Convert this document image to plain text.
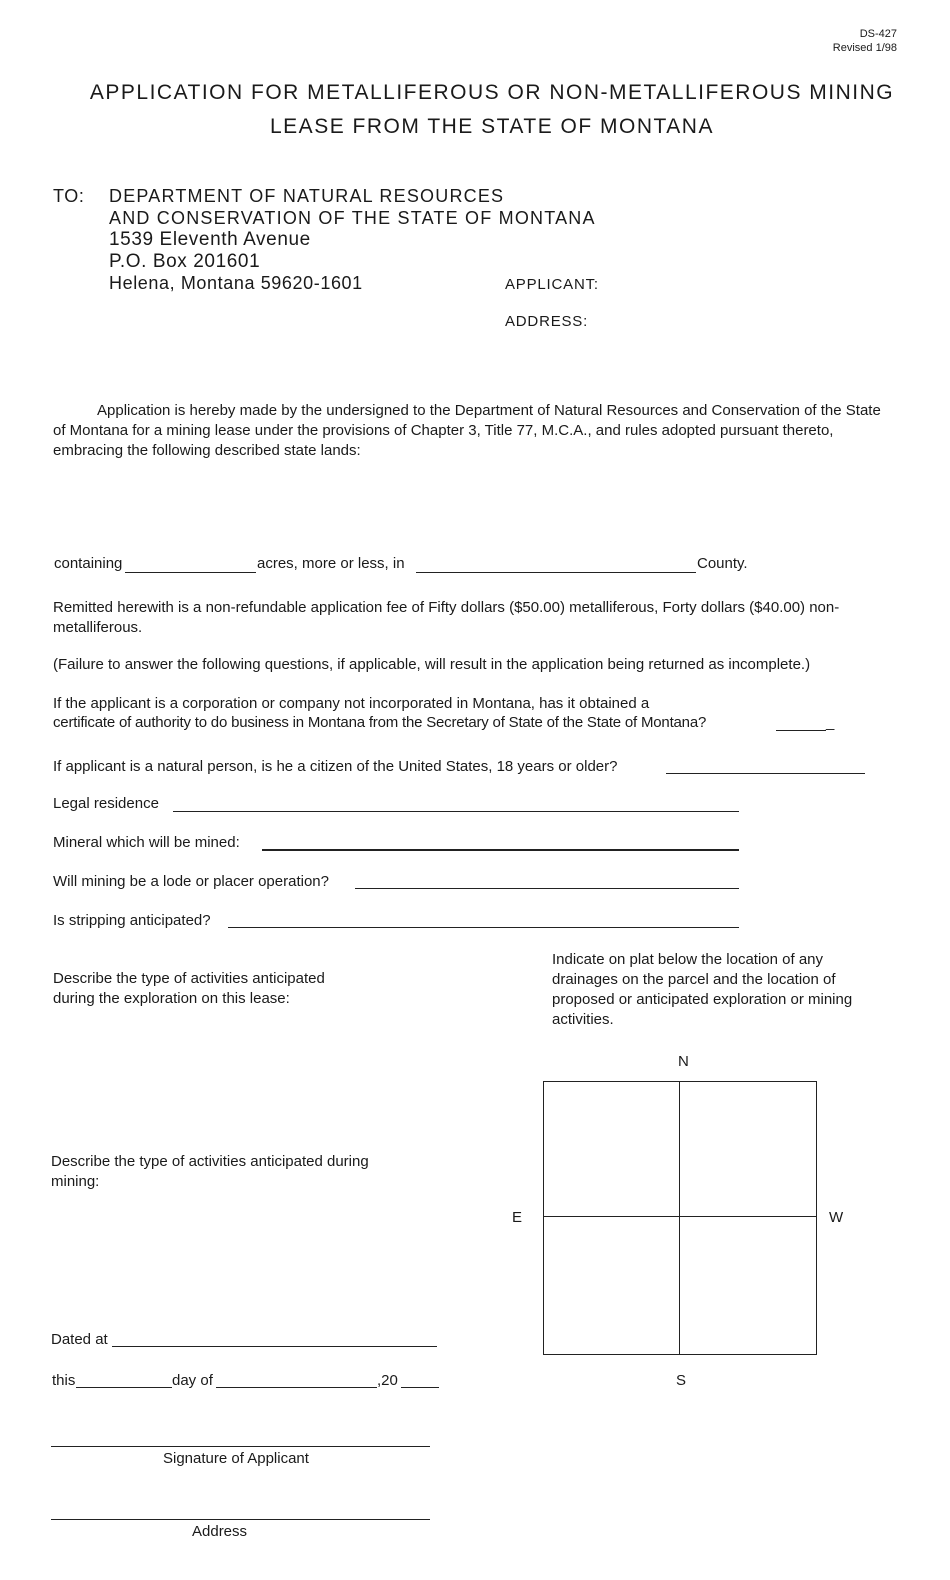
DS-427
Revised 1/98
APPLICATION FOR METALLIFEROUS OR NON-METALLIFEROUS MINING
LEASE FROM THE STATE OF MONTANA
TO: DEPARTMENT OF NATURAL RESOURCES
AND CONSERVATION OF THE STATE OF MONTANA
1539 Eleventh Avenue
P.O. Box 201601
Helena, Montana 59620-1601	APPLICANT:
ADDRESS:
Application is hereby made by the undersigned to the Department of Natural Resources and Conservation of the State of Montana for a mining lease under the provisions of Chapter 3, Title 77, M.C.A., and rules adopted pursuant thereto, embracing the following described state lands:
containing	acres, more or less, in	County.
Remitted herewith is a non-refundable application fee of Fifty dollars ($50.00) metalliferous, Forty dollars ($40.00) non-metalliferous.
(Failure to answer the following questions, if applicable, will result in the application being returned as incomplete.)
If the applicant is a corporation or company not incorporated in Montana, has it obtained a
certificate of authority to do business in Montana from the Secretary of State of the State of Montana?	_
If applicant is a natural person, is he a citizen of the United States, 18 years or older?
Legal residence
Mineral which will be mined:
Will mining be a lode or placer operation?
Is stripping anticipated?
Describe the type of activities anticipated during the exploration on this lease:
Indicate on plat below the location of any drainages on the parcel and the location of proposed or anticipated exploration or mining activities.
Describe the type of activities anticipated during mining:
N
E	W
S
Dated at
this	day of	,20
Signature of Applicant
Address
